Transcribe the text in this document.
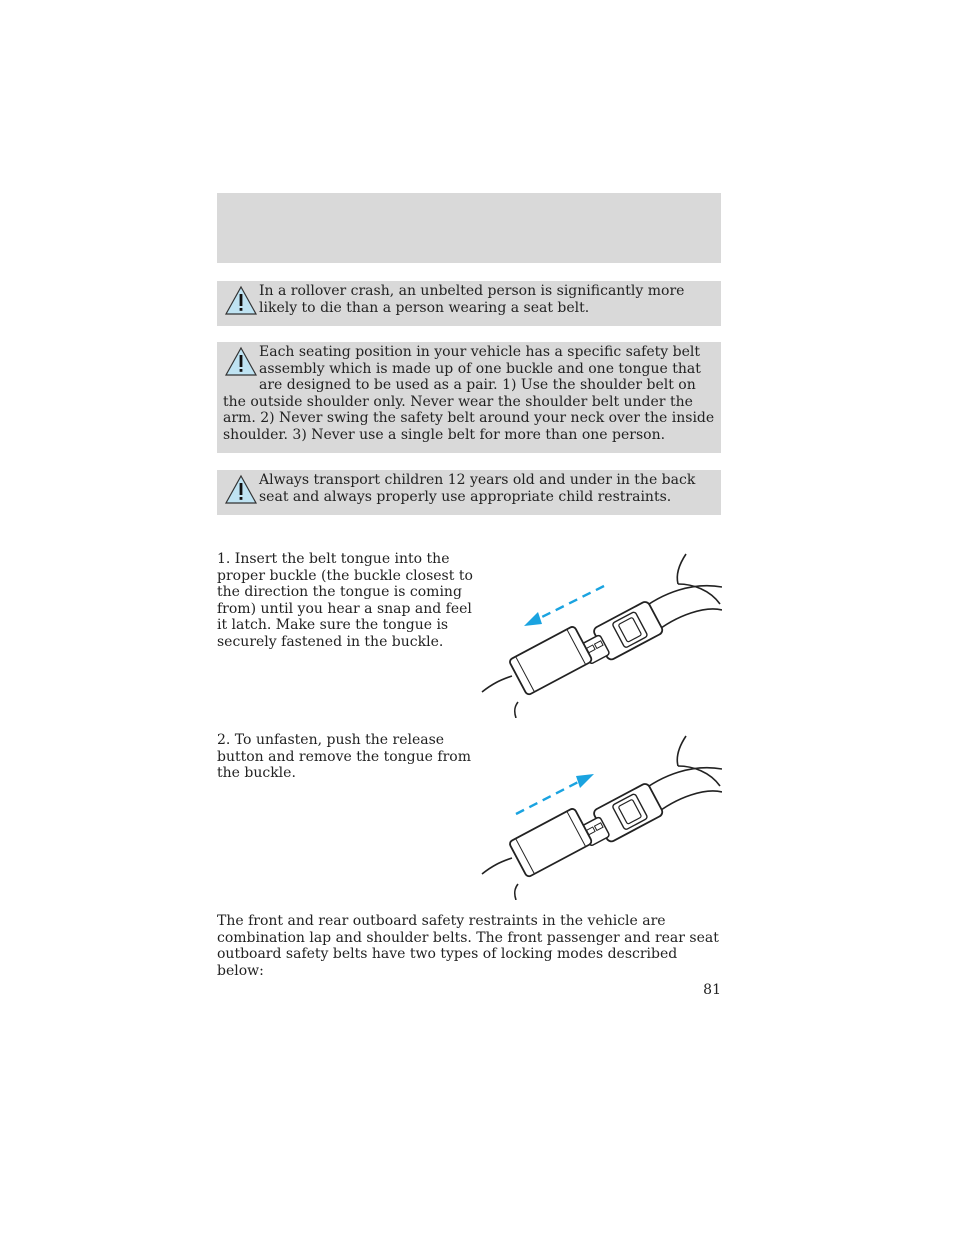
In a rollover crash, an unbelted person is significantly more likely to die than a person wearing a seat belt.
Each seating position in your vehicle has a specific safety belt assembly which is made up of one buckle and one tongue that are designed to be used as a pair. 1) Use the shoulder belt on the outside shoulder only. Never wear the shoulder belt under the arm. 2) Never swing the safety belt around your neck over the inside shoulder. 3) Never use a single belt for more than one person.
Always transport children 12 years old and under in the back seat and always properly use appropriate child restraints.
1. Insert the belt tongue into the proper buckle (the buckle closest to the direction the tongue is coming from) until you hear a snap and feel it latch. Make sure the tongue is securely fastened in the buckle.
2. To unfasten, push the release button and remove the tongue from the buckle.
The front and rear outboard safety restraints in the vehicle are combination lap and shoulder belts. The front passenger and rear seat outboard safety belts have two types of locking modes described below:
81
